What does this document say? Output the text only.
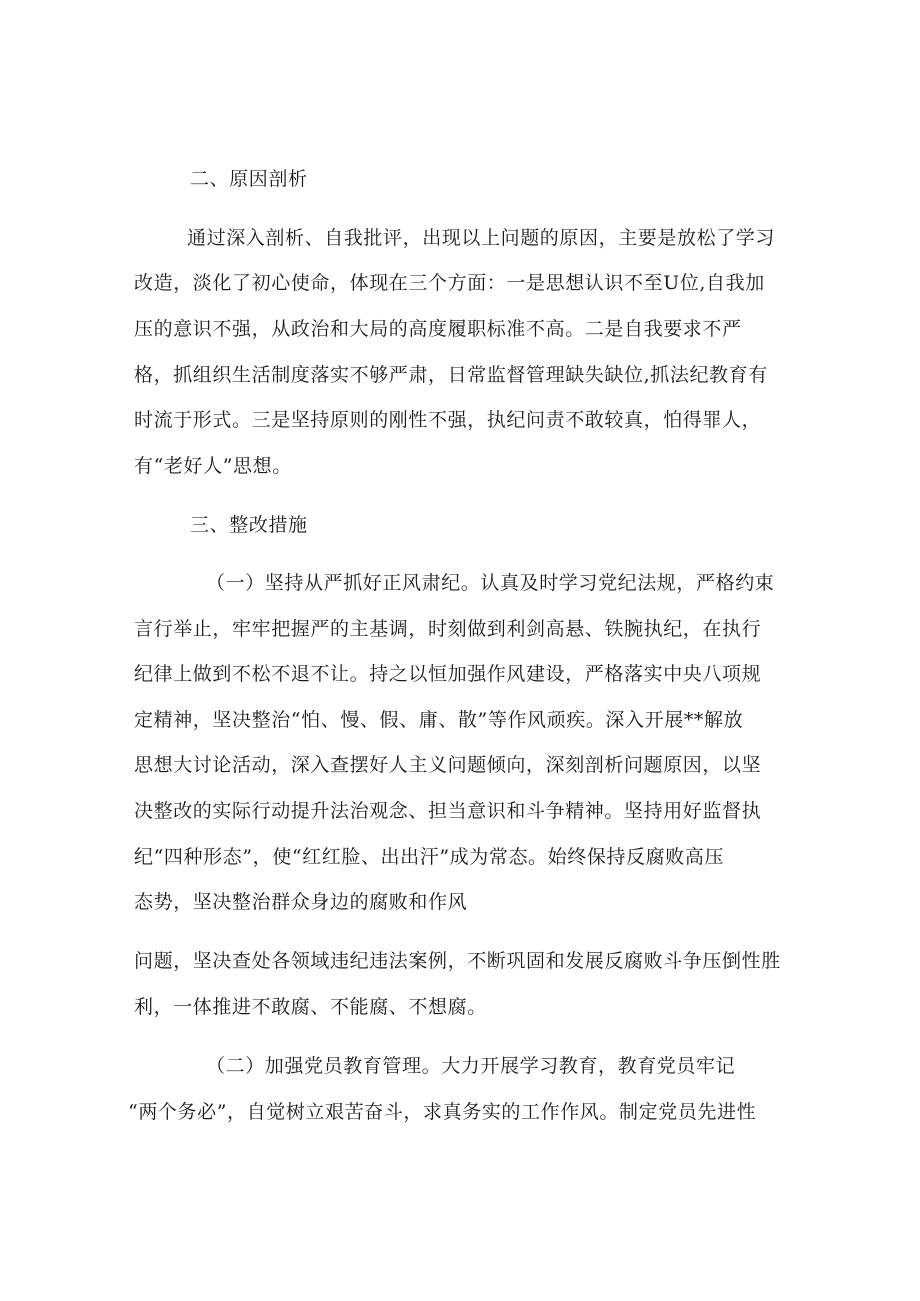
二、原因剖析

通过深入剖析、自我批评，出现以上问题的原因，主要是放松了学习

改造，淡化了初心使命，体现在三个方面：一是思想认识不至U位,自我加

压的意识不强，从政治和大局的高度履职标准不高。二是自我要求不严

格，抓组织生活制度落实不够严肃，日常监督管理缺失缺位,抓法纪教育有

时流于形式。三是坚持原则的刚性不强，执纪问责不敢较真，怕得罪人，

有“老好人”思想。

三、整改措施

（一）坚持从严抓好正风肃纪。认真及时学习党纪法规，严格约束

言行举止，牢牢把握严的主基调，时刻做到利剑高悬、铁腕执纪，在执行

纪律上做到不松不退不让。持之以恒加强作风建设，严格落实中央八项规

定精神，坚决整治“怕、慢、假、庸、散”等作风顽疾。深入开展**解放

思想大讨论活动，深入查摆好人主义问题倾向，深刻剖析问题原因，以坚

决整改的实际行动提升法治观念、担当意识和斗争精神。坚持用好监督执

纪“四种形态”，使“红红脸、出出汗”成为常态。始终保持反腐败高压

态势，坚决整治群众身边的腐败和作风

问题，坚决查处各领域违纪违法案例，不断巩固和发展反腐败斗争压倒性胜

利，一体推进不敢腐、不能腐、不想腐。

（二）加强党员教育管理。大力开展学习教育，教育党员牢记

“两个务必”，自觉树立艰苦奋斗，求真务实的工作作风。制定党员先进性
